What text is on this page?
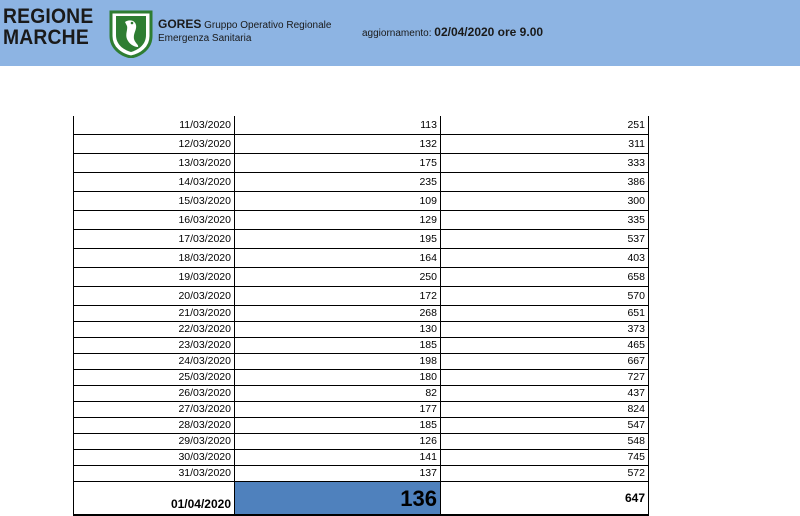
REGIONE
MARCHE
GORES Gruppo Operativo Regionale
Emergenza Sanitaria	aggiornamento: 02/04/2020 ore 9.00
11/03/2020	113	251
12/03/2020	132	311
13/03/2020	175	333
14/03/2020	235	386
15/03/2020	109	300
16/03/2020	129	335
17/03/2020	195	537
18/03/2020	164	403
19/03/2020	250	658
20/03/2020	172	570
21/03/2020	268	651
22/03/2020	130	373
23/03/2020	185	465
24/03/2020	198	667
25/03/2020	180	727
26/03/2020	82	437
27/03/2020	177	824
28/03/2020	185	547
29/03/2020	126	548
30/03/2020	141	745
31/03/2020	137	572
01/04/2020	136	647
